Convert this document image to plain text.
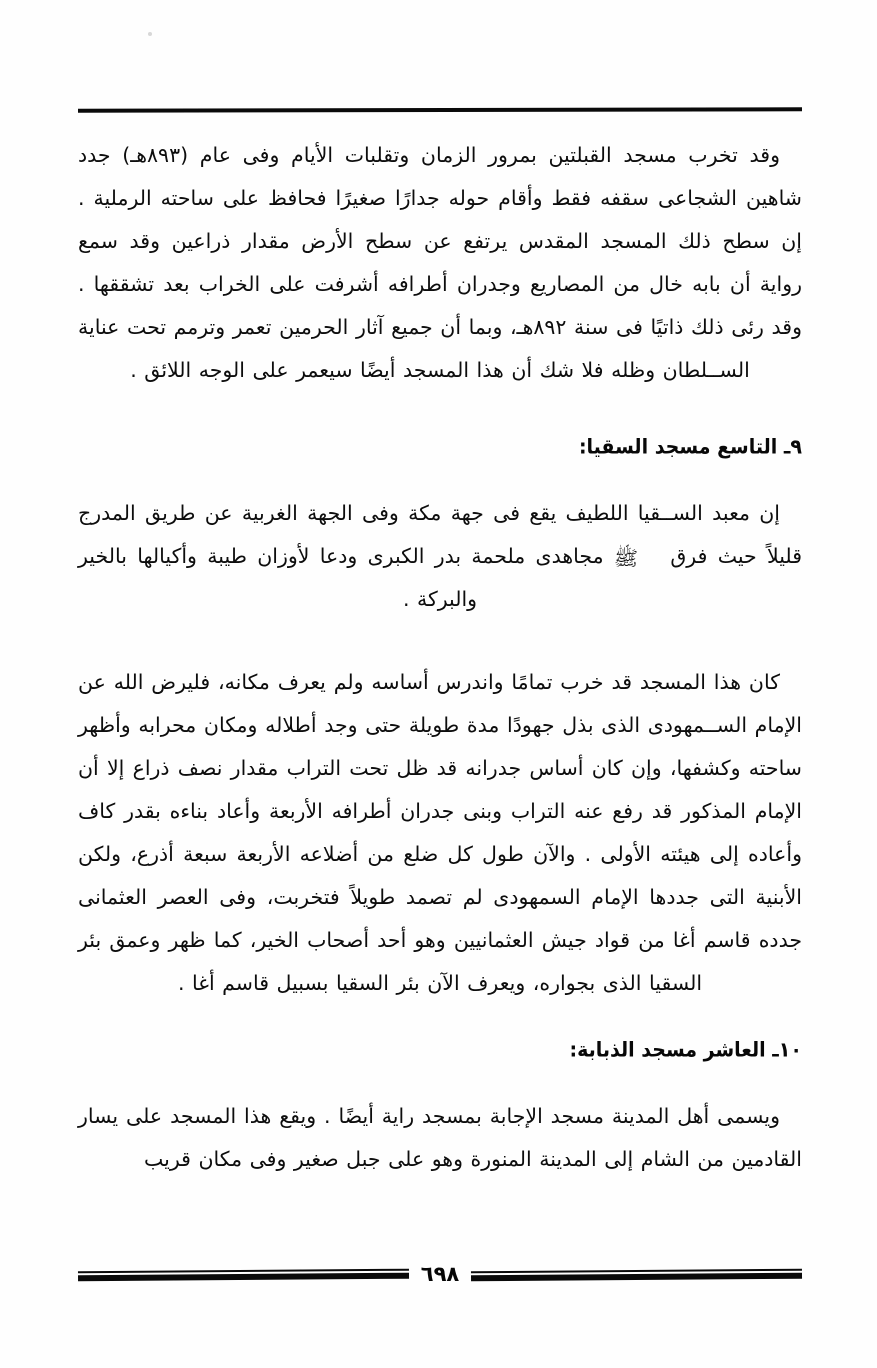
وقد تخرب مسجد القبلتين بمرور الزمان وتقلبات الأيام وفى عام (٨٩٣هـ) جدد شاهين الشجاعى سقفه فقط وأقام حوله جدارًا صغيرًا فحافظ على ساحته الرملية . إن سطح ذلك المسجد المقدس يرتفع عن سطح الأرض مقدار ذراعين وقد سمع رواية أن بابه خال من المصاريع وجدران أطرافه أشرفت على الخراب بعد تشققها . وقد رئى ذلك ذاتيًا فى سنة ٨٩٢هـ، وبما أن جميع آثار الحرمين تعمر وترمم تحت عناية الســلطان وظله فلا شك أن هذا المسجد أيضًا سيعمر على الوجه اللائق .

٩ـ التاسع مسجد السقيا:

إن معبد الســقيا اللطيف يقع فى جهة مكة وفى الجهة الغربية عن طريق المدرج قليلاً حيث فرق ﷺ مجاهدى ملحمة بدر الكبرى ودعا لأوزان طيبة وأكيالها بالخير والبركة .

كان هذا المسجد قد خرب تمامًا واندرس أساسه ولم يعرف مكانه، فليرض الله عن الإمام الســمهودى الذى بذل جهودًا مدة طويلة حتى وجد أطلاله ومكان محرابه وأظهر ساحته وكشفها، وإن كان أساس جدرانه قد ظل تحت التراب مقدار نصف ذراع إلا أن الإمام المذكور قد رفع عنه التراب وبنى جدران أطرافه الأربعة وأعاد بناءه بقدر كاف وأعاده إلى هيئته الأولى . والآن طول كل ضلع من أضلاعه الأربعة سبعة أذرع، ولكن الأبنية التى جددها الإمام السمهودى لم تصمد طويلاً فتخربت، وفى العصر العثمانى جدده قاسم أغا من قواد جيش العثمانيين وهو أحد أصحاب الخير، كما ظهر وعمق بئر السقيا الذى بجواره، ويعرف الآن بئر السقيا بسبيل قاسم أغا .

١٠ـ العاشر مسجد الذبابة:

ويسمى أهل المدينة مسجد الإجابة بمسجد راية أيضًا . ويقع هذا المسجد على يسار القادمين من الشام إلى المدينة المنورة وهو على جبل صغير وفى مكان قريب

٦٩٨
